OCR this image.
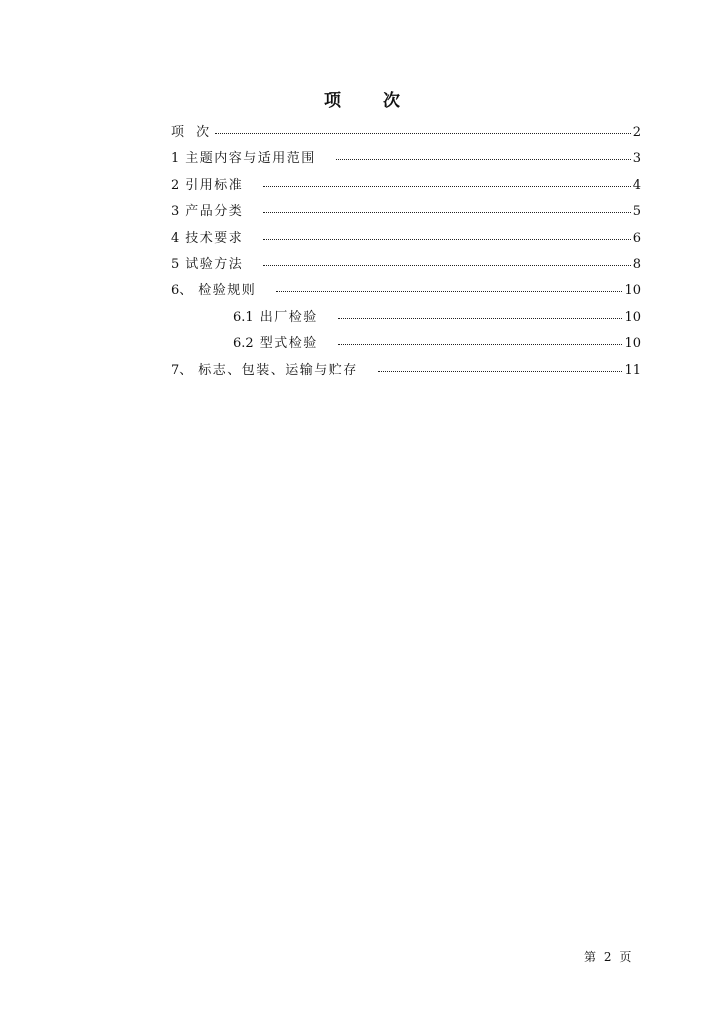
项 次
项 次	2
1 主题内容与适用范围	3
2 引用标准	4
3 产品分类	5
4 技术要求	6
5 试验方法	8
6、 检验规则	10
6.1 出厂检验	10
6.2 型式检验	10
7、 标志、包装、运输与贮存	11
第 2 页
